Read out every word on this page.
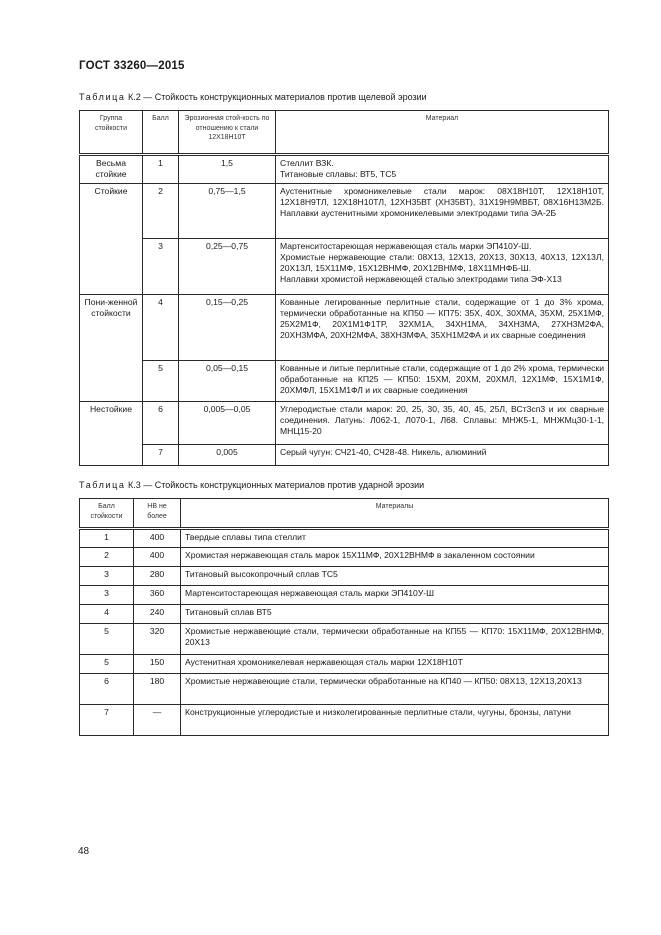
ГОСТ 33260—2015
Таблица К.2 — Стойкость конструкционных материалов против щелевой эрозии
Группа стойкости	Балл	Эрозионная стой-кость по отношению к стали 12Х18Н10Т	Материал
Весьма стойкие	1	1,5	Стеллит ВЗК.
Титановые сплавы: ВТ5, ТС5
Стойкие	2	0,75—1,5	Аустенитные хромоникелевые стали марок: 08Х18Н10Т, 12Х18Н10Т, 12Х18Н9ТЛ, 12Х18Н10ТЛ, 12ХН35ВТ (ХН35ВТ), 31Х19Н9МВБТ, 08Х16Н13М2Б. Наплавки аустенитными хромоникелевыми электродами типа ЭА-2Б
	3	0,25—0,75	Мартенситостареющая нержавеющая сталь марки ЭП410У-Ш.
Хромистые нержавеющие стали: 08Х13, 12Х13, 20Х13, 30Х13, 40Х13, 12Х13Л, 20Х13Л, 15Х11МФ, 15Х12ВНМФ, 20Х12ВНМФ, 18Х11МНФБ-Ш.
Наплавки хромистой нержавеющей сталью электродами типа ЭФ-Х13
Пони-женной стойкости	4	0,15—0,25	Кованные легированные перлитные стали, содержащие от 1 до 3% хрома, термически обработанные на КП50 — КП75: 35Х, 40Х, 30ХМА, 35ХМ, 25Х1МФ, 25Х2М1Ф, 20Х1М1Ф1ТР, 32ХМ1А, 34ХН1МА, 34ХН3МА, 27ХН3М2ФА, 20ХН3МФА, 20ХН2МФА, 38ХН3МФА, 35ХН1М2ФА и их сварные соединения
	5	0,05—0,15	Кованные и литые перлитные стали, содержащие от 1 до 2% хрома, термически обработанные на КП25 — КП50: 15ХМ, 20ХМ, 20ХМЛ, 12Х1МФ, 15Х1М1Ф, 20ХМФЛ, 15Х1М1ФЛ и их сварные соединения
Нестойкие	6	0,005—0,05	Углеродистые стали марок: 20, 25, 30, 35, 40, 45, 25Л, ВСт3сп3 и их сварные соединения. Латунь: Л062-1, Л070-1, Л68. Сплавы: МНЖ5-1, МНЖМц30-1-1, МНЦ15-20
	7	0,005	Серый чугун: СЧ21-40, СЧ28-48. Никель, алюминий
Таблица К.3 — Стойкость конструкционных материалов против ударной эрозии
Балл стойкости	НВ не более	Материалы
1	400	Твердые сплавы типа стеллит
2	400	Хромистая нержавеющая сталь марок 15Х11МФ, 20Х12ВНМФ в закаленном состоянии
3	280	Титановый высокопрочный сплав ТС5
3	360	Мартенситостареющая нержавеющая сталь марки ЭП410У-Ш
4	240	Титановый сплав ВТ5
5	320	Хромистые нержавеющие стали, термически обработанные на КП55 — КП70: 15Х11МФ, 20Х12ВНМФ, 20Х13
5	150	Аустенитная хромоникелевая нержавеющая сталь марки 12Х18Н10Т
6	180	Хромистые нержавеющие стали, термически обработанные на КП40 — КП50: 08Х13, 12Х13,20Х13
7	—	Конструкционные углеродистые и низколегированные перлитные стали, чугуны, бронзы, латуни
48
